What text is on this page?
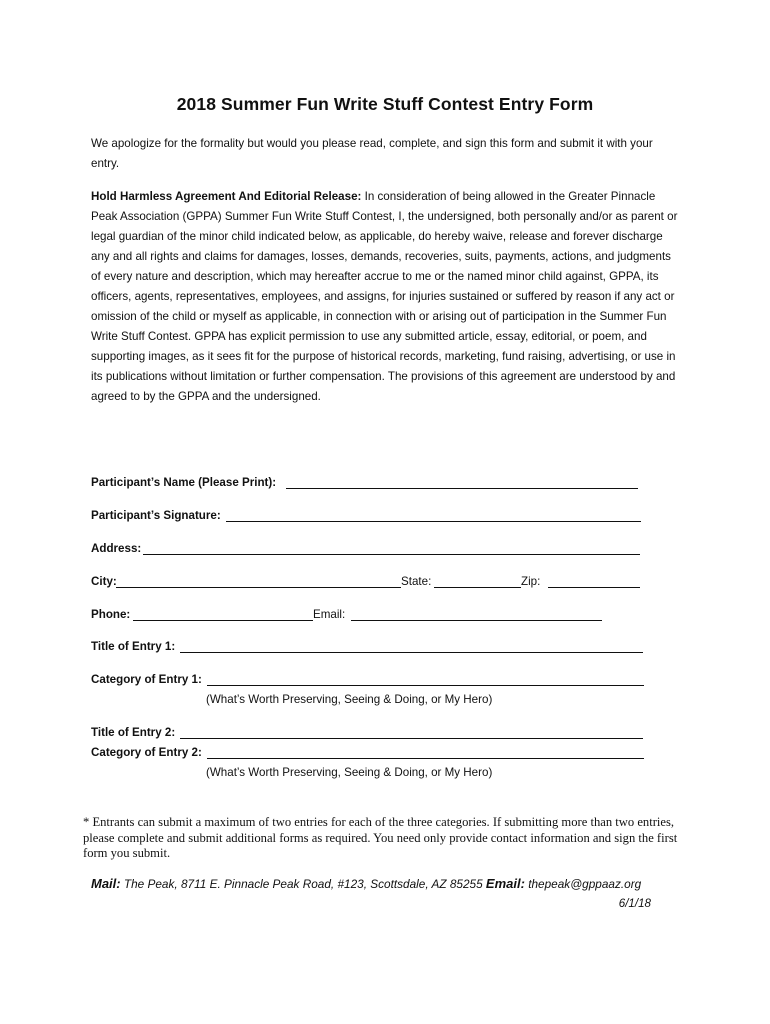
2018 Summer Fun Write Stuff Contest Entry Form
We apologize for the formality but would you please read, complete, and sign this form and submit it with your entry.
Hold Harmless Agreement And Editorial Release: In consideration of being allowed in the Greater Pinnacle Peak Association (GPPA) Summer Fun Write Stuff Contest, I, the undersigned, both personally and/or as parent or legal guardian of the minor child indicated below, as applicable, do hereby waive, release and forever discharge any and all rights and claims for damages, losses, demands, recoveries, suits, payments, actions, and judgments of every nature and description, which may hereafter accrue to me or the named minor child against, GPPA, its officers, agents, representatives, employees, and assigns, for injuries sustained or suffered by reason if any act or omission of the child or myself as applicable, in connection with or arising out of participation in the Summer Fun Write Stuff Contest. GPPA has explicit permission to use any submitted article, essay, editorial, or poem, and supporting images, as it sees fit for the purpose of historical records, marketing, fund raising, advertising, or use in its publications without limitation or further compensation. The provisions of this agreement are understood by and agreed to by the GPPA and the undersigned.
Participant’s Name (Please Print):
Participant’s Signature:
Address:
City:	State:	Zip:
Phone:	Email:
Title of Entry 1:
Category of Entry 1:
(What’s Worth Preserving, Seeing & Doing, or My Hero)
Title of Entry 2:
Category of Entry 2:
(What’s Worth Preserving, Seeing & Doing, or My Hero)
* Entrants can submit a maximum of two entries for each of the three categories. If submitting more than two entries, please complete and submit additional forms as required. You need only provide contact information and sign the first form you submit.
Mail: The Peak, 8711 E. Pinnacle Peak Road, #123, Scottsdale, AZ 85255 Email: thepeak@gppaaz.org
6/1/18
